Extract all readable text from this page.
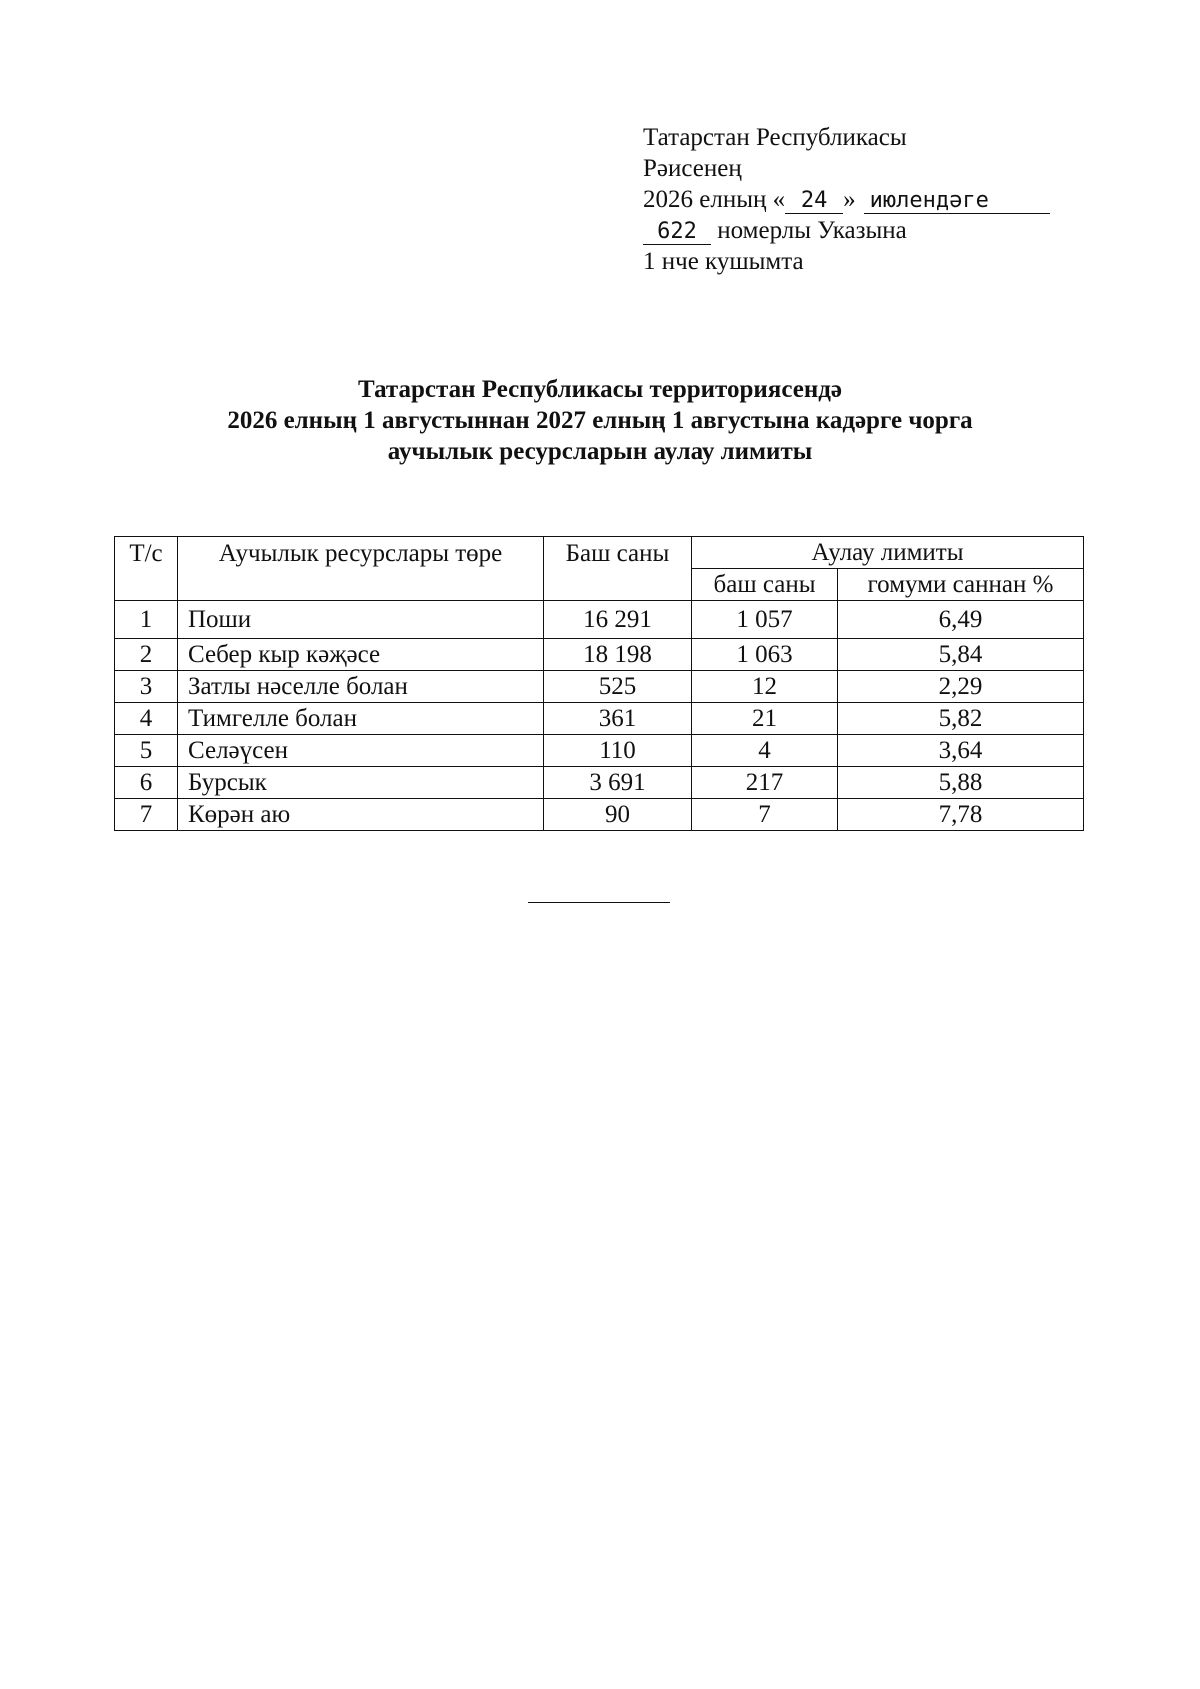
Татарстан Республикасы
Рәисенең
2026 елның « 24 » июлендәге
622 номерлы Указына
1 нче кушымта
Татарстан Республикасы территориясендә
2026 елның 1 августыннан 2027 елның 1 августына кадәрге чорга
аучылык ресурсларын аулау лимиты
Т/с	Аучылык ресурслары төре	Баш саны	Аулау лимиты	
			баш саны	гомуми саннан %
1	Поши	16 291	1 057	6,49
2	Себер кыр кәҗәсе	18 198	1 063	5,84
3	Затлы нәселле болан	525	12	2,29
4	Тимгелле болан	361	21	5,82
5	Селәүсен	110	4	3,64
6	Бурсык	3 691	217	5,88
7	Көрән аю	90	7	7,78
